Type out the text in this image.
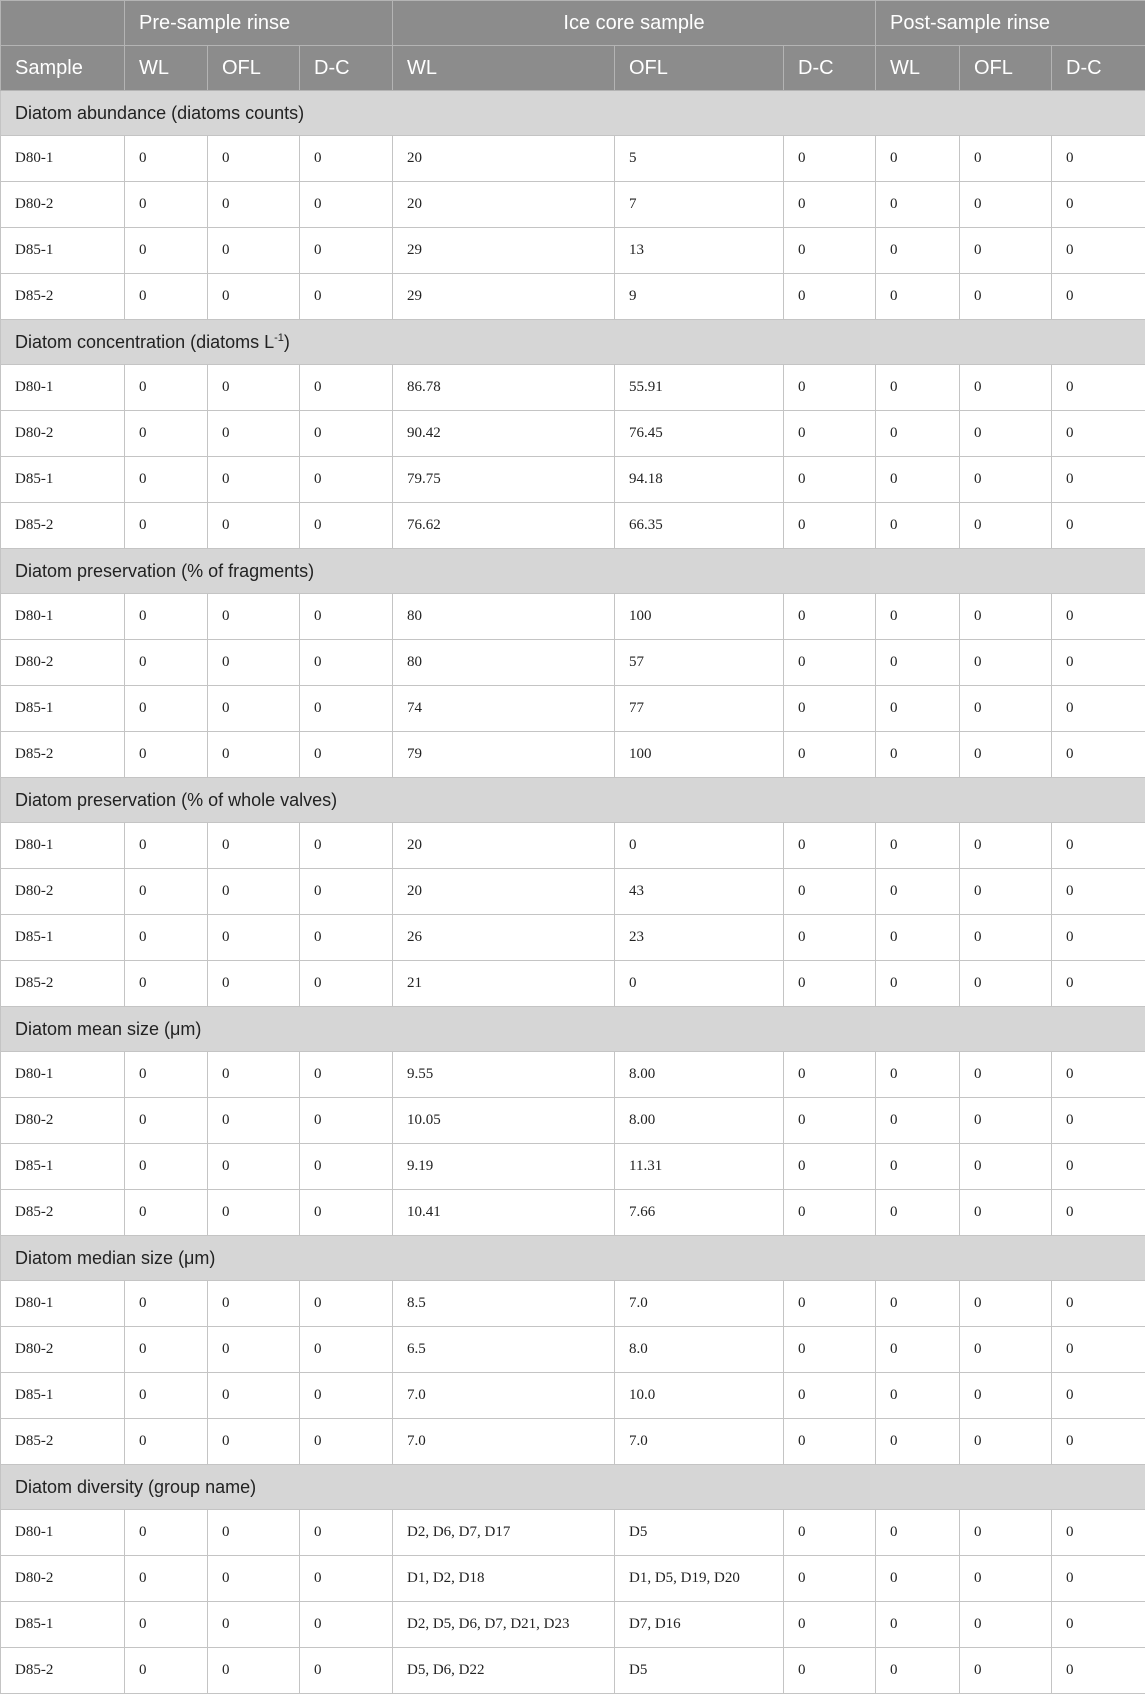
	Pre-sample rinse			Ice core sample			Post-sample rinse		
Sample	WL	OFL	D-C	WL	OFL	D-C	WL	OFL	D-C
Diatom abundance (diatoms counts)									
D80-1	0	0	0	20	5	0	0	0	0
D80-2	0	0	0	20	7	0	0	0	0
D85-1	0	0	0	29	13	0	0	0	0
D85-2	0	0	0	29	9	0	0	0	0
Diatom concentration (diatoms $L^{-1}$)									
D80-1	0	0	0	86.78	55.91	0	0	0	0
D80-2	0	0	0	90.42	76.45	0	0	0	0
D85-1	0	0	0	79.75	94.18	0	0	0	0
D85-2	0	0	0	76.62	66.35	0	0	0	0
Diatom preservation (% of fragments)									
D80-1	0	0	0	80	100	0	0	0	0
D80-2	0	0	0	80	57	0	0	0	0
D85-1	0	0	0	74	77	0	0	0	0
D85-2	0	0	0	79	100	0	0	0	0
Diatom preservation (% of whole valves)									
D80-1	0	0	0	20	0	0	0	0	0
D80-2	0	0	0	20	43	0	0	0	0
D85-1	0	0	0	26	23	0	0	0	0
D85-2	0	0	0	21	0	0	0	0	0
Diatom mean size (μm)									
D80-1	0	0	0	9.55	8.00	0	0	0	0
D80-2	0	0	0	10.05	8.00	0	0	0	0
D85-1	0	0	0	9.19	11.31	0	0	0	0
D85-2	0	0	0	10.41	7.66	0	0	0	0
Diatom median size (μm)									
D80-1	0	0	0	8.5	7.0	0	0	0	0
D80-2	0	0	0	6.5	8.0	0	0	0	0
D85-1	0	0	0	7.0	10.0	0	0	0	0
D85-2	0	0	0	7.0	7.0	0	0	0	0
Diatom diversity (group name)									
D80-1	0	0	0	D2, D6, D7, D17	D5	0	0	0	0
D80-2	0	0	0	D1, D2, D18	D1, D5, D19, D20	0	0	0	0
D85-1	0	0	0	D2, D5, D6, D7, D21, D23	D7, D16	0	0	0	0
D85-2	0	0	0	D5, D6, D22	D5	0	0	0	0
